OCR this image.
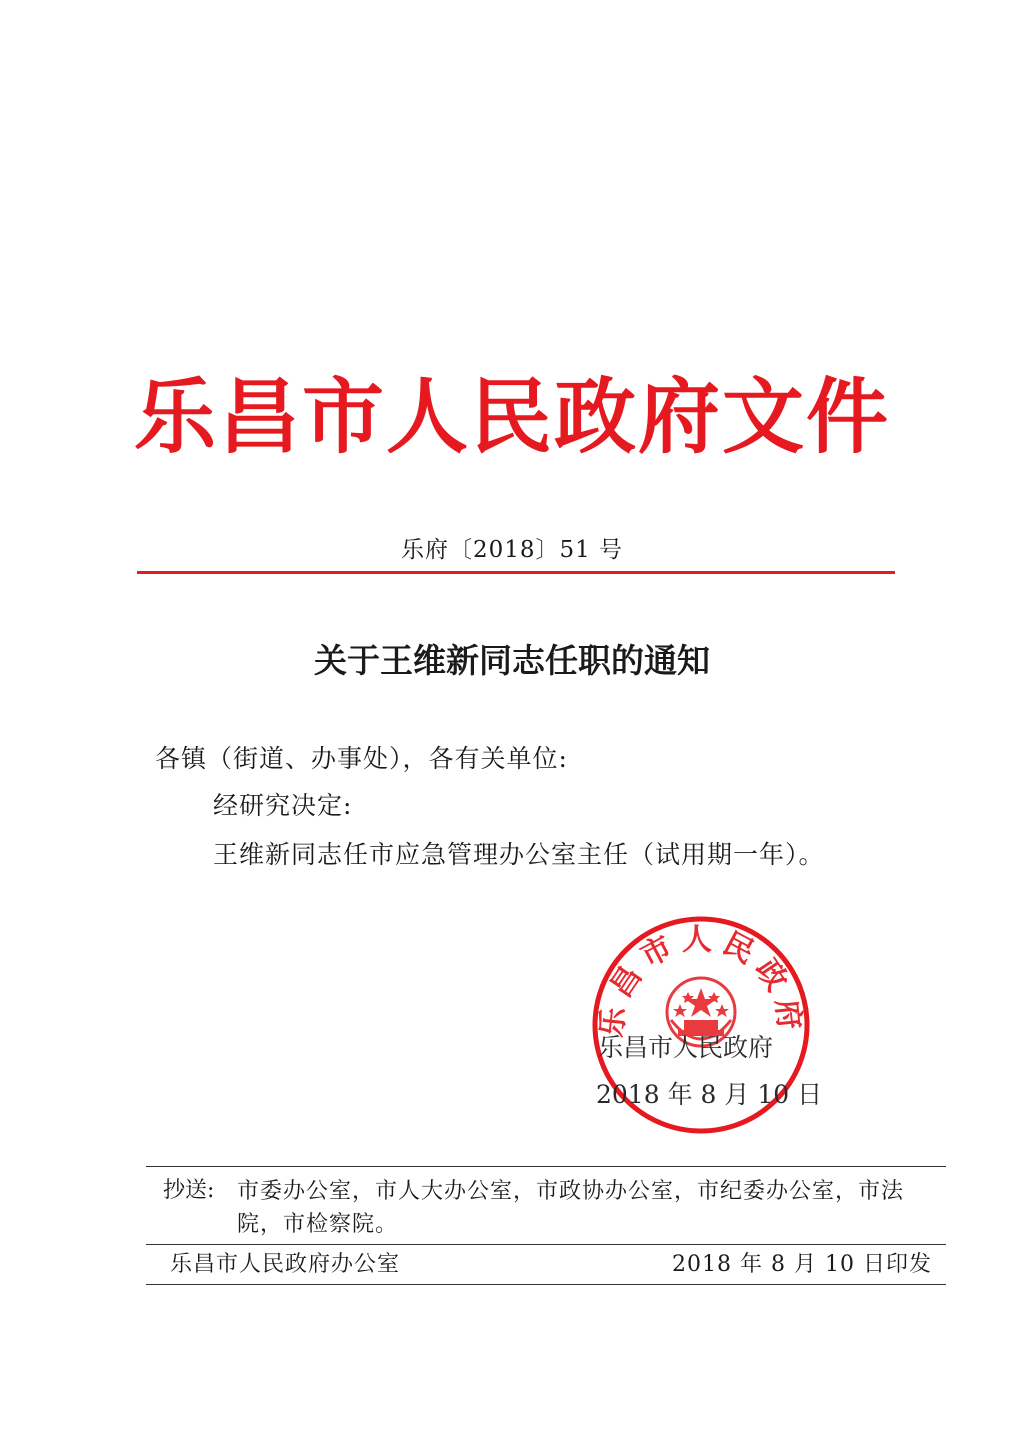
乐昌市人民政府文件
乐府〔2018〕51 号
关于王维新同志任职的通知
各镇（街道、办事处），各有关单位:
经研究决定:
王维新同志任市应急管理办公室主任（试用期一年）。
乐昌市人民政府
乐昌市人民政府
2018 年 8 月 10 日
抄送: 市委办公室，市人大办公室，市政协办公室，市纪委办公室，市法院，市检察院。
乐昌市人民政府办公室	2018 年 8 月 10 日印发
